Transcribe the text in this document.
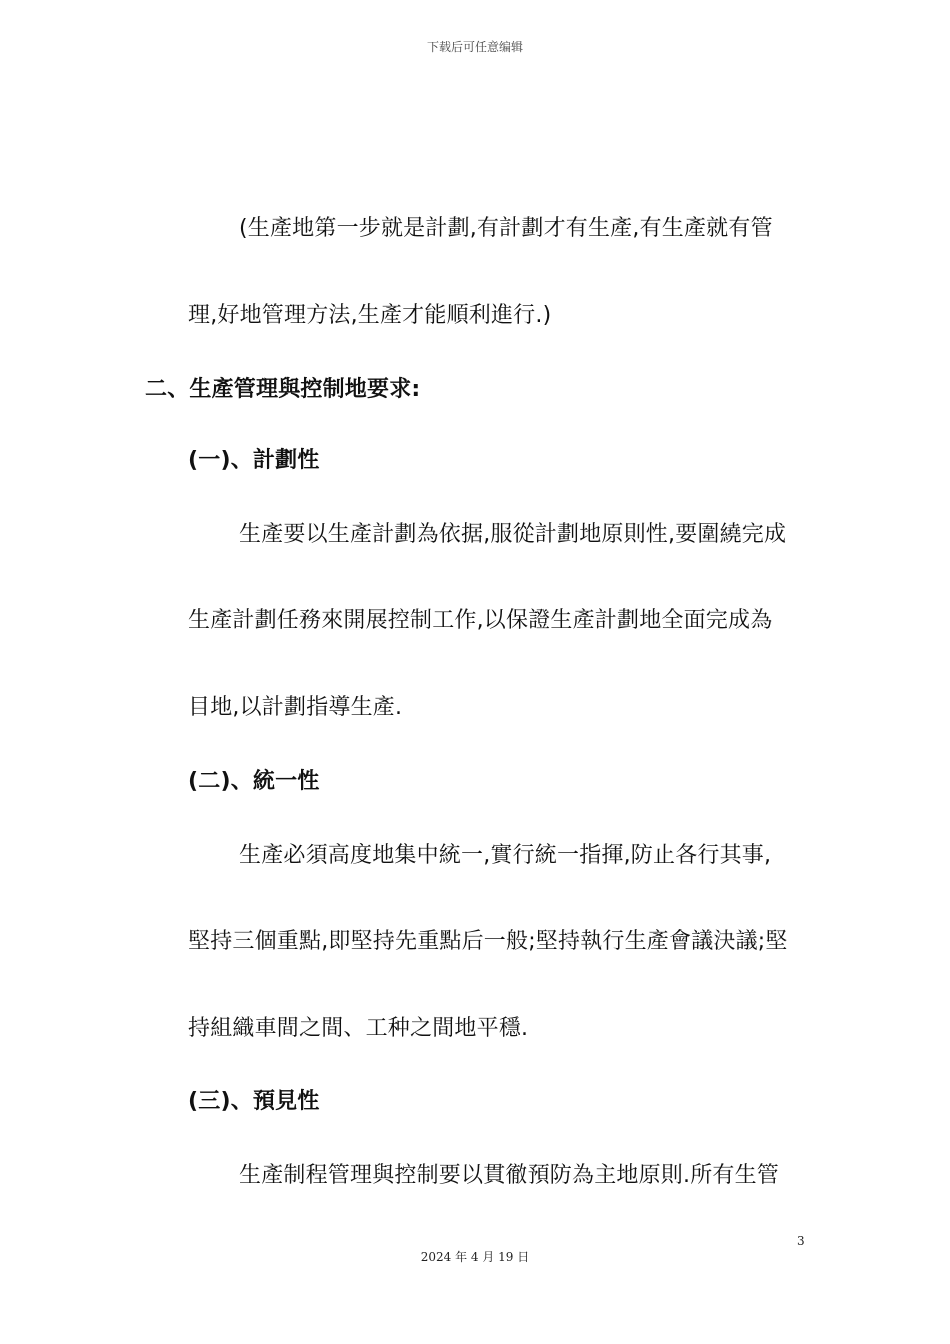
下载后可任意编辑
(生產地第一步就是計劃,有計劃才有生產,有生產就有管
理,好地管理方法,生產才能順利進行.)
二、生產管理與控制地要求:
(一)、計劃性
生產要以生產計劃為依据,服從計劃地原則性,要圍繞完成
生產計劃任務來開展控制工作,以保證生產計劃地全面完成為
目地,以計劃指導生產.
(二)、統一性
生產必須高度地集中統一,實行統一指揮,防止各行其事,
堅持三個重點,即堅持先重點后一般;堅持執行生產會議決議;堅
持組織車間之間、工种之間地平穩.
(三)、預見性
生產制程管理與控制要以貫徹預防為主地原則.所有生管
3
2024 年 4 月 19 日
